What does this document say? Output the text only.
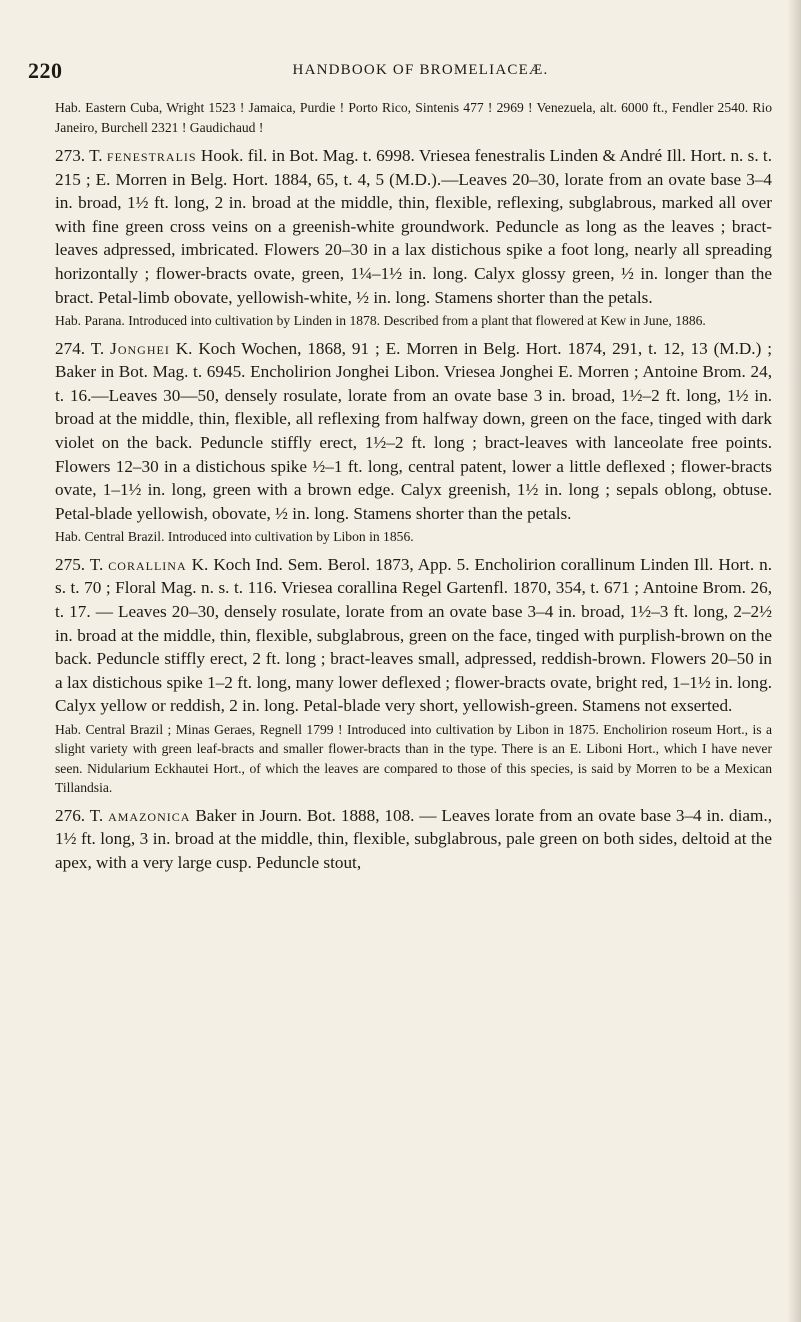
220	HANDBOOK OF BROMELIACEÆ.

Hab. Eastern Cuba, Wright 1523 ! Jamaica, Purdie ! Porto Rico, Sintenis 477 ! 2969 ! Venezuela, alt. 6000 ft., Fendler 2540. Rio Janeiro, Burchell 2321 ! Gaudichaud !

273. T. fenestralis Hook. fil. in Bot. Mag. t. 6998. Vriesea fenestralis Linden & André Ill. Hort. n. s. t. 215 ; E. Morren in Belg. Hort. 1884, 65, t. 4, 5 (M.D.).—Leaves 20–30, lorate from an ovate base 3–4 in. broad, 1½ ft. long, 2 in. broad at the middle, thin, flexible, reflexing, subglabrous, marked all over with fine green cross veins on a greenish-white groundwork. Peduncle as long as the leaves ; bract-leaves adpressed, imbricated. Flowers 20–30 in a lax distichous spike a foot long, nearly all spreading horizontally ; flower-bracts ovate, green, 1¼–1½ in. long. Calyx glossy green, ½ in. longer than the bract. Petal-limb obovate, yellowish-white, ½ in. long. Stamens shorter than the petals.

Hab. Parana. Introduced into cultivation by Linden in 1878. Described from a plant that flowered at Kew in June, 1886.

274. T. Jonghei K. Koch Wochen, 1868, 91 ; E. Morren in Belg. Hort. 1874, 291, t. 12, 13 (M.D.) ; Baker in Bot. Mag. t. 6945. Encholirion Jonghei Libon. Vriesea Jonghei E. Morren ; Antoine Brom. 24, t. 16.—Leaves 30—50, densely rosulate, lorate from an ovate base 3 in. broad, 1½–2 ft. long, 1½ in. broad at the middle, thin, flexible, all reflexing from halfway down, green on the face, tinged with dark violet on the back. Peduncle stiffly erect, 1½–2 ft. long ; bract-leaves with lanceolate free points. Flowers 12–30 in a distichous spike ½–1 ft. long, central patent, lower a little deflexed ; flower-bracts ovate, 1–1½ in. long, green with a brown edge. Calyx greenish, 1½ in. long ; sepals oblong, obtuse. Petal-blade yellowish, obovate, ½ in. long. Stamens shorter than the petals.

Hab. Central Brazil. Introduced into cultivation by Libon in 1856.

275. T. corallina K. Koch Ind. Sem. Berol. 1873, App. 5. Encholirion corallinum Linden Ill. Hort. n. s. t. 70 ; Floral Mag. n. s. t. 116. Vriesea corallina Regel Gartenfl. 1870, 354, t. 671 ; Antoine Brom. 26, t. 17. — Leaves 20–30, densely rosulate, lorate from an ovate base 3–4 in. broad, 1½–3 ft. long, 2–2½ in. broad at the middle, thin, flexible, subglabrous, green on the face, tinged with purplish-brown on the back. Peduncle stiffly erect, 2 ft. long ; bract-leaves small, adpressed, reddish-brown. Flowers 20–50 in a lax distichous spike 1–2 ft. long, many lower deflexed ; flower-bracts ovate, bright red, 1–1½ in. long. Calyx yellow or reddish, 2 in. long. Petal-blade very short, yellowish-green. Stamens not exserted.

Hab. Central Brazil ; Minas Geraes, Regnell 1799 ! Introduced into cultivation by Libon in 1875. Encholirion roseum Hort., is a slight variety with green leaf-bracts and smaller flower-bracts than in the type. There is an E. Liboni Hort., which I have never seen. Nidularium Eckhautei Hort., of which the leaves are compared to those of this species, is said by Morren to be a Mexican Tillandsia.

276. T. amazonica Baker in Journ. Bot. 1888, 108. — Leaves lorate from an ovate base 3–4 in. diam., 1½ ft. long, 3 in. broad at the middle, thin, flexible, subglabrous, pale green on both sides, deltoid at the apex, with a very large cusp. Peduncle stout,
